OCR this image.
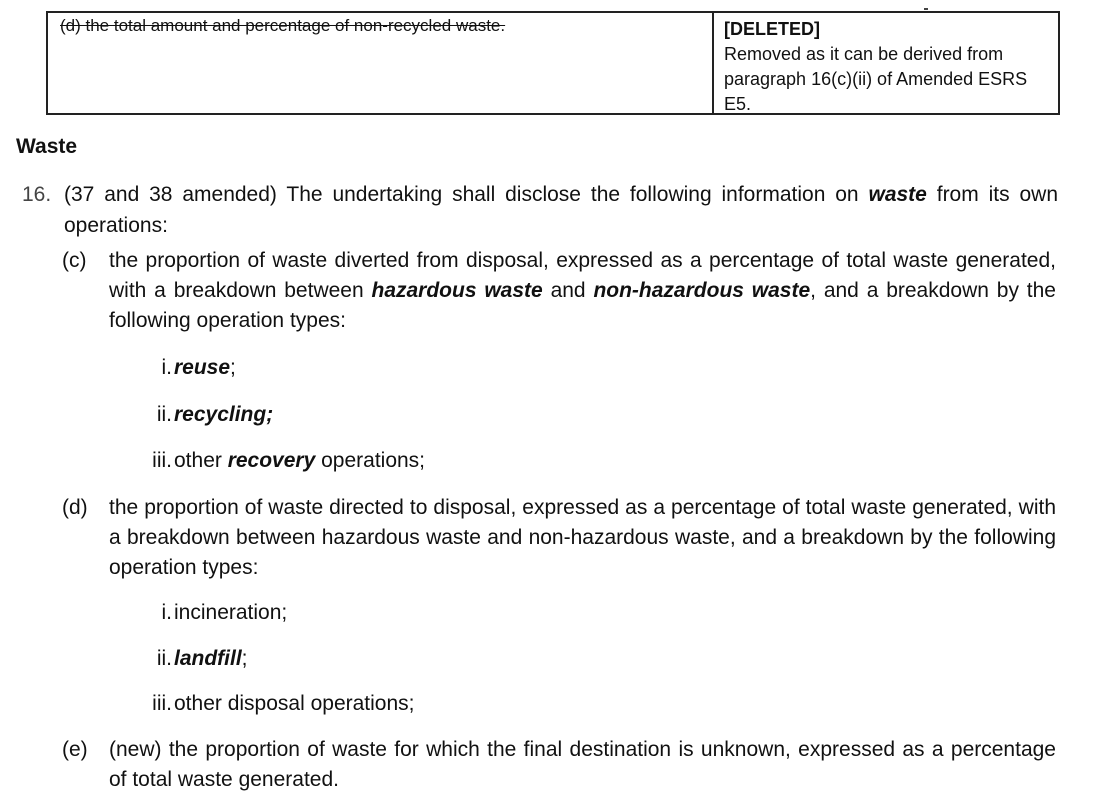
(d) the total amount and percentage of non-recycled waste.	[DELETED]
Removed as it can be derived from
paragraph 16(c)(ii) of Amended ESRS
E5.
Waste
16. (37 and 38 amended) The undertaking shall disclose the following information on waste from its own operations:
(c) the proportion of waste diverted from disposal, expressed as a percentage of total waste generated, with a breakdown between hazardous waste and non-hazardous waste, and a breakdown by the following operation types:
i.reuse;
ii.recycling;
iii.other recovery operations;
(d) the proportion of waste directed to disposal, expressed as a percentage of total waste generated, with a breakdown between hazardous waste and non-hazardous waste, and a breakdown by the following operation types:
i.incineration;
ii.landfill;
iii.other disposal operations;
(e) (new) the proportion of waste for which the final destination is unknown, expressed as a percentage of total waste generated.
